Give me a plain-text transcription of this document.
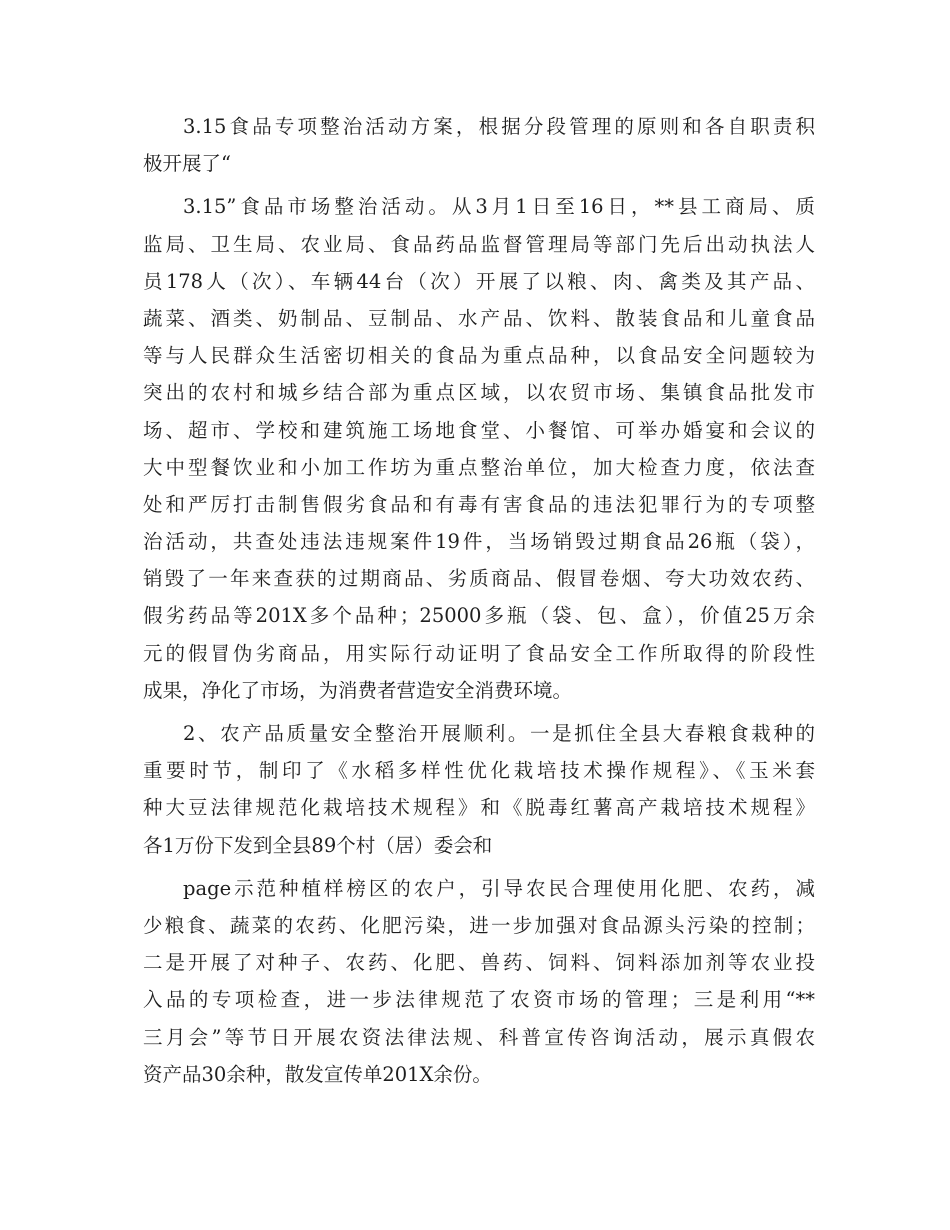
3.15食品专项整治活动方案，根据分段管理的原则和各自职责积
极开展了“
3.15”食品市场整治活动。从3月1日至16日，**县工商局、质
监局、卫生局、农业局、食品药品监督管理局等部门先后出动执法人
员178人（次）、车辆44台（次）开展了以粮、肉、禽类及其产品、
蔬菜、酒类、奶制品、豆制品、水产品、饮料、散装食品和儿童食品
等与人民群众生活密切相关的食品为重点品种，以食品安全问题较为
突出的农村和城乡结合部为重点区域，以农贸市场、集镇食品批发市
场、超市、学校和建筑施工场地食堂、小餐馆、可举办婚宴和会议的
大中型餐饮业和小加工作坊为重点整治单位，加大检查力度，依法查
处和严厉打击制售假劣食品和有毒有害食品的违法犯罪行为的专项整
治活动，共查处违法违规案件19件，当场销毁过期食品26瓶（袋），
销毁了一年来查获的过期商品、劣质商品、假冒卷烟、夸大功效农药、
假劣药品等201X多个品种；25000多瓶（袋、包、盒），价值25万余
元的假冒伪劣商品，用实际行动证明了食品安全工作所取得的阶段性
成果，净化了市场，为消费者营造安全消费环境。
2、农产品质量安全整治开展顺利。一是抓住全县大春粮食栽种的
重要时节，制印了《水稻多样性优化栽培技术操作规程》、《玉米套
种大豆法律规范化栽培技术规程》和《脱毒红薯高产栽培技术规程》
各1万份下发到全县89个村（居）委会和
page示范种植样榜区的农户，引导农民合理使用化肥、农药，减
少粮食、蔬菜的农药、化肥污染，进一步加强对食品源头污染的控制；
二是开展了对种子、农药、化肥、兽药、饲料、饲料添加剂等农业投
入品的专项检查，进一步法律规范了农资市场的管理；三是利用“**
三月会”等节日开展农资法律法规、科普宣传咨询活动，展示真假农
资产品30余种，散发宣传单201X余份。
